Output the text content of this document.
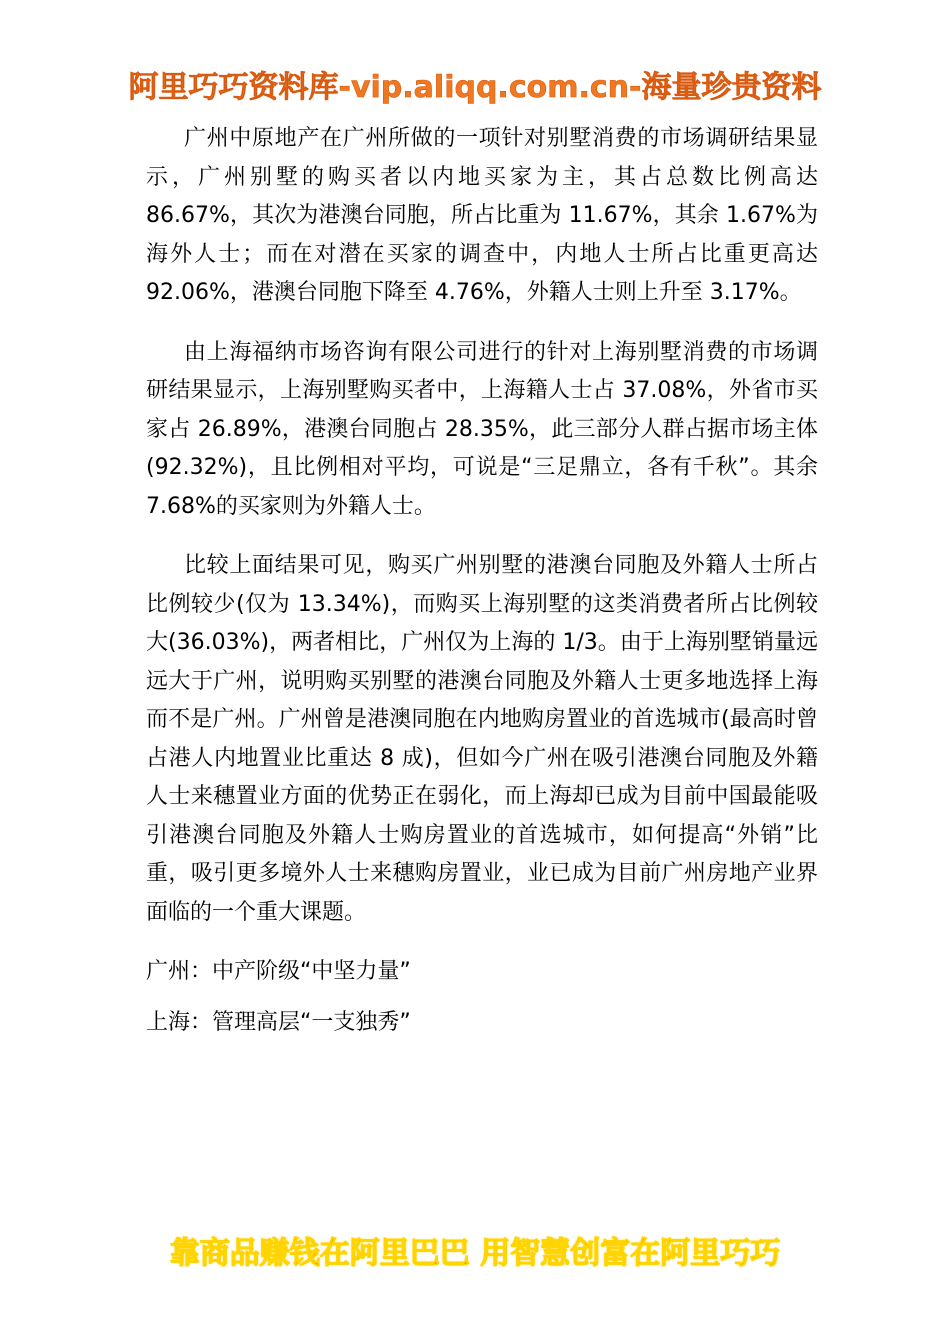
阿里巧巧资料库-vip.aliqq.com.cn-海量珍贵资料

广州中原地产在广州所做的一项针对别墅消费的市场调研结果显示，广州别墅的购买者以内地买家为主，其占总数比例高达 86.67%，其次为港澳台同胞，所占比重为 11.67%，其余 1.67%为海外人士；而在对潜在买家的调查中，内地人士所占比重更高达 92.06%，港澳台同胞下降至 4.76%，外籍人士则上升至 3.17%。

由上海福纳市场咨询有限公司进行的针对上海别墅消费的市场调研结果显示，上海别墅购买者中，上海籍人士占 37.08%，外省市买家占 26.89%，港澳台同胞占 28.35%，此三部分人群占据市场主体(92.32%)，且比例相对平均，可说是“三足鼎立，各有千秋”。其余 7.68%的买家则为外籍人士。

比较上面结果可见，购买广州别墅的港澳台同胞及外籍人士所占比例较少(仅为 13.34%)，而购买上海别墅的这类消费者所占比例较大(36.03%)，两者相比，广州仅为上海的 1/3。由于上海别墅销量远远大于广州，说明购买别墅的港澳台同胞及外籍人士更多地选择上海而不是广州。广州曾是港澳同胞在内地购房置业的首选城市(最高时曾占港人内地置业比重达 8 成)，但如今广州在吸引港澳台同胞及外籍人士来穗置业方面的优势正在弱化，而上海却已成为目前中国最能吸引港澳台同胞及外籍人士购房置业的首选城市，如何提高“外销”比重，吸引更多境外人士来穗购房置业，业已成为目前广州房地产业界面临的一个重大课题。

广州：中产阶级“中坚力量”

上海：管理高层“一支独秀”

靠商品赚钱在阿里巴巴 用智慧创富在阿里巧巧
